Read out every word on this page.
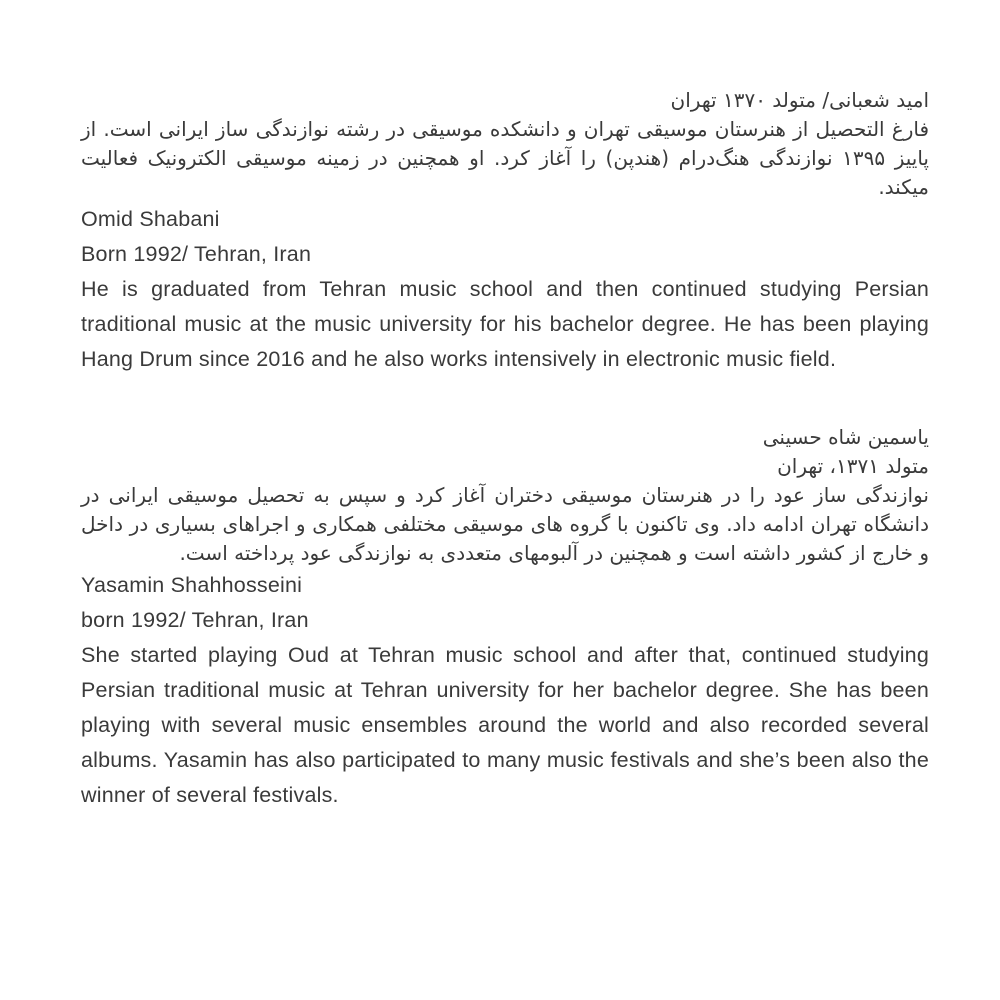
امید شعبانی/ متولد ۱۳۷۰ تهران
فارغ التحصیل از هنرستان موسیقی تهران و دانشکده موسیقی در رشته نوازندگی ساز ایرانی است. از پاییز ۱۳۹۵ نوازندگی هنگ‌درام (هندپن) را آغاز کرد. او همچنین در زمینه موسیقی الکترونیک فعالیت میکند.
Omid Shabani
Born 1992/ Tehran, Iran
He is graduated from Tehran music school and then continued studying Persian traditional music at the music university for his bachelor degree. He has been playing Hang Drum since 2016 and he also works intensively in electronic music field.
یاسمین شاه حسینی
متولد ۱۳۷۱، تهران
نوازندگی ساز عود را در هنرستان موسیقی دختران آغاز کرد و سپس به تحصیل موسیقی ایرانی در دانشگاه تهران ادامه داد. وی تاکنون با گروه های موسیقی مختلفی همکاری و اجراهای بسیاری در داخل و خارج از کشور داشته است و همچنین در آلبومهای متعددی به نوازندگی عود پرداخته است.
Yasamin Shahhosseini
born 1992/ Tehran, Iran
She started playing Oud at Tehran music school and after that, continued studying Persian traditional music at Tehran university for her bachelor degree. She has been playing with several music ensembles around the world and also recorded several albums. Yasamin has also participated to many music festivals and she’s been also the winner of several festivals.
